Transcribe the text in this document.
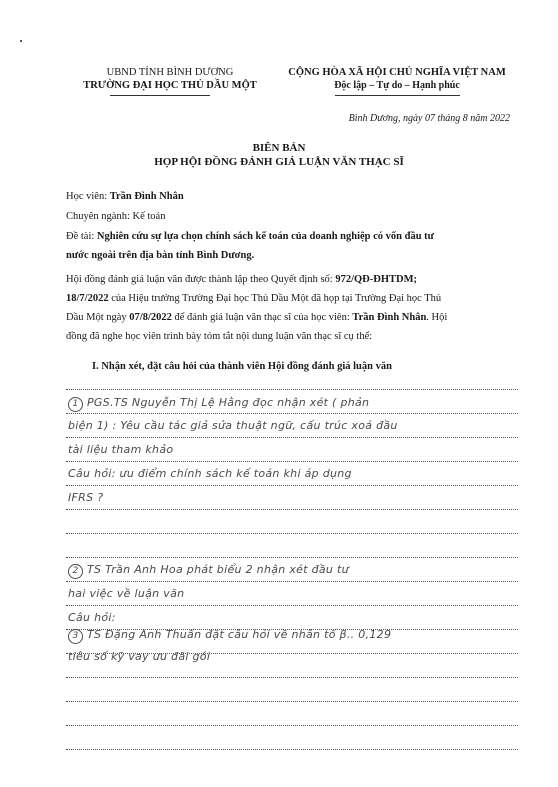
UBND TỈNH BÌNH DƯƠNG
TRƯỜNG ĐẠI HỌC THỦ DẦU MỘT
CỘNG HÒA XÃ HỘI CHỦ NGHĨA VIỆT NAM
Độc lập – Tự do – Hạnh phúc
Bình Dương, ngày 07 tháng 8 năm 2022
BIÊN BẢN
HỌP HỘI ĐỒNG ĐÁNH GIÁ LUẬN VĂN THẠC SĨ
Học viên: Trần Đình Nhân
Chuyên ngành: Kế toán
Đề tài: Nghiên cứu sự lựa chọn chính sách kế toán của doanh nghiệp có vốn đầu tư
nước ngoài trên địa bàn tỉnh Bình Dương.
Hội đồng đánh giá luận văn được thành lập theo Quyết định số: 972/QĐ-ĐHTDM;
18/7/2022 của Hiệu trưởng Trường Đại học Thủ Dầu Một đã họp tại Trường Đại học Thủ
Dầu Một ngày 07/8/2022 để đánh giá luận văn thạc sĩ của học viên: Trần Đình Nhân. Hội
đồng đã nghe học viên trình bày tóm tắt nội dung luận văn thạc sĩ cụ thể:
I. Nhận xét, đặt câu hỏi của thành viên Hội đồng đánh giá luận văn
1 PGS.TS Nguyễn Thị Lệ Hằng đọc nhận xét ( phản
biện 1) : Yêu cầu tác giả sửa thuật ngữ, cấu trúc xoá đầu
tài liệu tham khảo
Câu hỏi: ưu điểm chính sách kế toán khi áp dụng
IFRS ?
2 TS Trần Anh Hoa phát biểu 2 nhận xét đầu tư
hai việc về luận văn
Câu hỏi:
3 TS Đặng Anh Thuấn đặt câu hỏi về nhân tố β.. 0,129
tiêu số kỹ vay ưu đãi gói
